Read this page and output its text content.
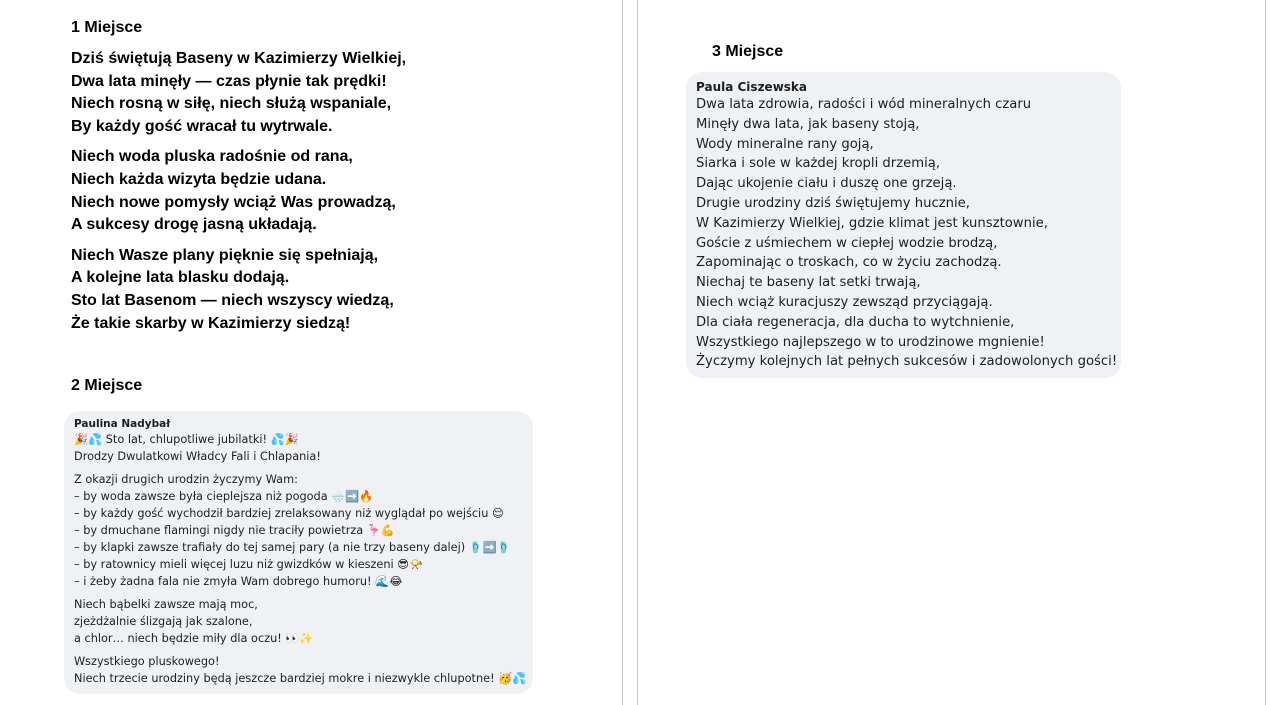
1 Miejsce
Dziś świętują Baseny w Kazimierzy Wielkiej,
Dwa lata minęły — czas płynie tak prędki!
Niech rosną w siłę, niech służą wspaniale,
By każdy gość wracał tu wytrwale.
Niech woda pluska radośnie od rana,
Niech każda wizyta będzie udana.
Niech nowe pomysły wciąż Was prowadzą,
A sukcesy drogę jasną układają.
Niech Wasze plany pięknie się spełniają,
A kolejne lata blasku dodają.
Sto lat Basenom — niech wszyscy wiedzą,
Że takie skarby w Kazimierzy siedzą!
2 Miejsce
Paulina Nadybał
🎉💦 Sto lat, chlupotliwe jubilatki! 💦🎉
Drodzy Dwulatkowi Władcy Fali i Chlapania!
Z okazji drugich urodzin życzymy Wam:
– by woda zawsze była cieplejsza niż pogoda 🌧️➡️🔥
– by każdy gość wychodził bardziej zrelaksowany niż wyglądał po wejściu 😌
– by dmuchane flamingi nigdy nie traciły powietrza 🦩💪
– by klapki zawsze trafiały do tej samej pary (a nie trzy baseny dalej) 🩴➡️🩴
– by ratownicy mieli więcej luzu niż gwizdków w kieszeni 😎📯
– i żeby żadna fala nie zmyła Wam dobrego humoru! 🌊😂
Niech bąbelki zawsze mają moc,
zjeżdżalnie ślizgają jak szalone,
a chlor… niech będzie miły dla oczu! 👀✨
Wszystkiego pluskowego!
Niech trzecie urodziny będą jeszcze bardziej mokre i niezwykle chlupotne! 🥳💦
3 Miejsce
Paula Ciszewska
Dwa lata zdrowia, radości i wód mineralnych czaru
Minęły dwa lata, jak baseny stoją,
Wody mineralne rany goją,
Siarka i sole w każdej kropli drzemią,
Dając ukojenie ciału i duszę one grzeją.
Drugie urodziny dziś świętujemy hucznie,
W Kazimierzy Wielkiej, gdzie klimat jest kunsztownie,
Goście z uśmiechem w ciepłej wodzie brodzą,
Zapominając o troskach, co w życiu zachodzą.
Niechaj te baseny lat setki trwają,
Niech wciąż kuracjuszy zewsząd przyciągają.
Dla ciała regeneracja, dla ducha to wytchnienie,
Wszystkiego najlepszego w to urodzinowe mgnienie!
Życzymy kolejnych lat pełnych sukcesów i zadowolonych gości!
